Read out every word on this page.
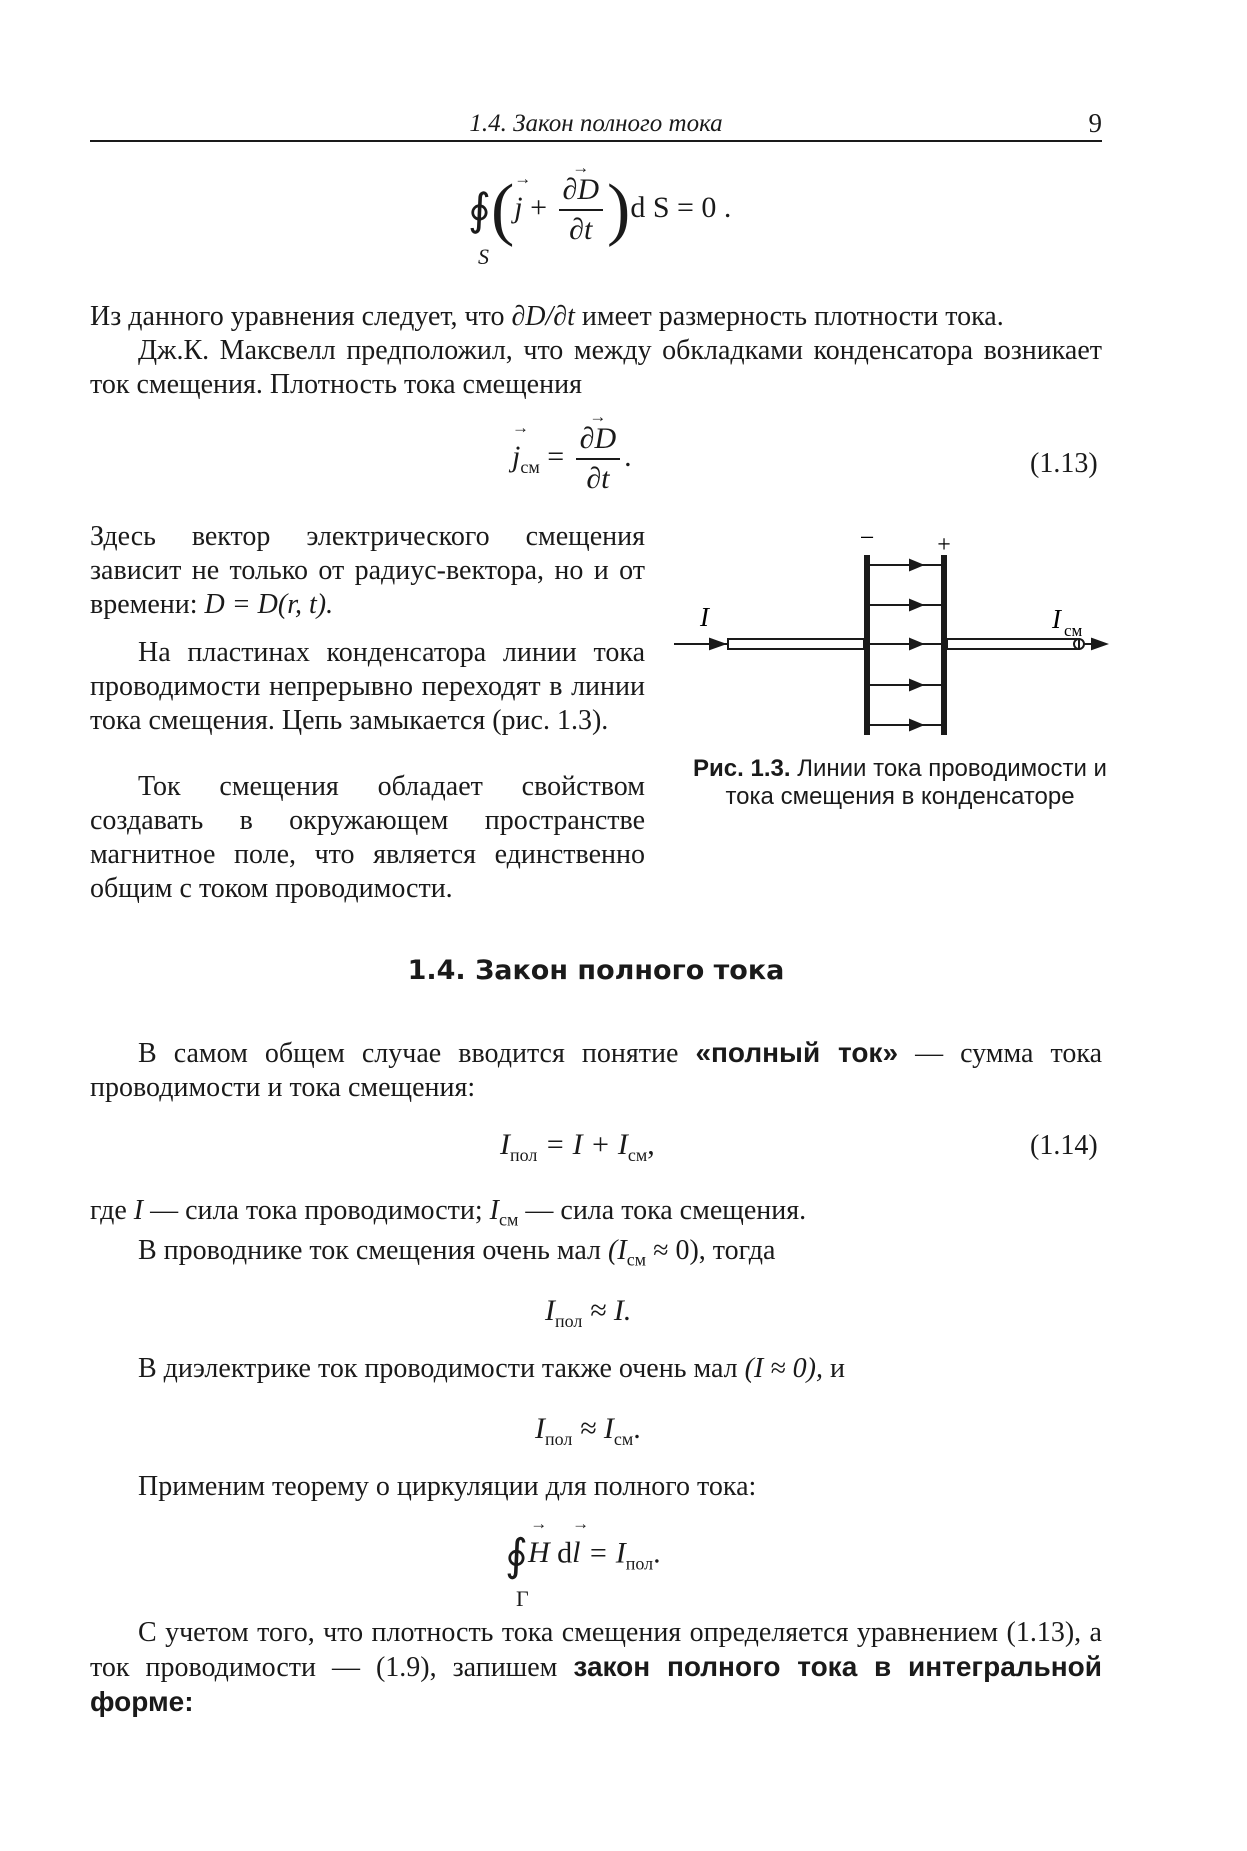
1.4. Закон полного тока	9
∮(→ j + → $\frac{\partial D}{\partial t} )d$ S = 0 .
S

Из данного уравнения следует, что ∂D/∂t имеет размерность плотности тока.

Дж.К. Максвелл предположил, что между обкладками конденсатора возникает ток смещения. Плотность тока смещения

→ $j_{см}$ = → $\frac{\partial D}{\partial t}$ .	(1.13)

Здесь вектор электрического смещения зависит не только от радиус-вектора, но и от времени: D = D(r, t).

На пластинах конденсатора линии тока проводимости непрерывно переходят в линии тока смещения. Цепь замыкается (рис. 1.3).

Ток смещения обладает свойством создавать в окружающем пространстве магнитное поле, что является единственно общим с током проводимости.

−	+
I	I см
Рис. 1.3. Линии тока проводимости и тока смещения в конденсаторе
1.4. Закон полного тока

В самом общем случае вводится понятие «полный ток» — сумма тока проводимости и тока смещения:

$I_{пол} = I + I_{см}$,	(1.14)

где I — сила тока проводимости; $I_{см}$ — сила тока смещения.

В проводнике ток смещения очень мал $(I_{см} \approx 0)$, тогда

$I_{пол} \approx I$.

В диэлектрике ток проводимости также очень мал (I ≈ 0), и

$I_{пол} \approx I_{см}$.

Применим теорему о циркуляции для полного тока:

∮→ H $d\to l = I_{пол}$.
Г

С учетом того, что плотность тока смещения определяется уравнением (1.13), а ток проводимости — (1.9), запишем закон полного тока в интегральной форме:
